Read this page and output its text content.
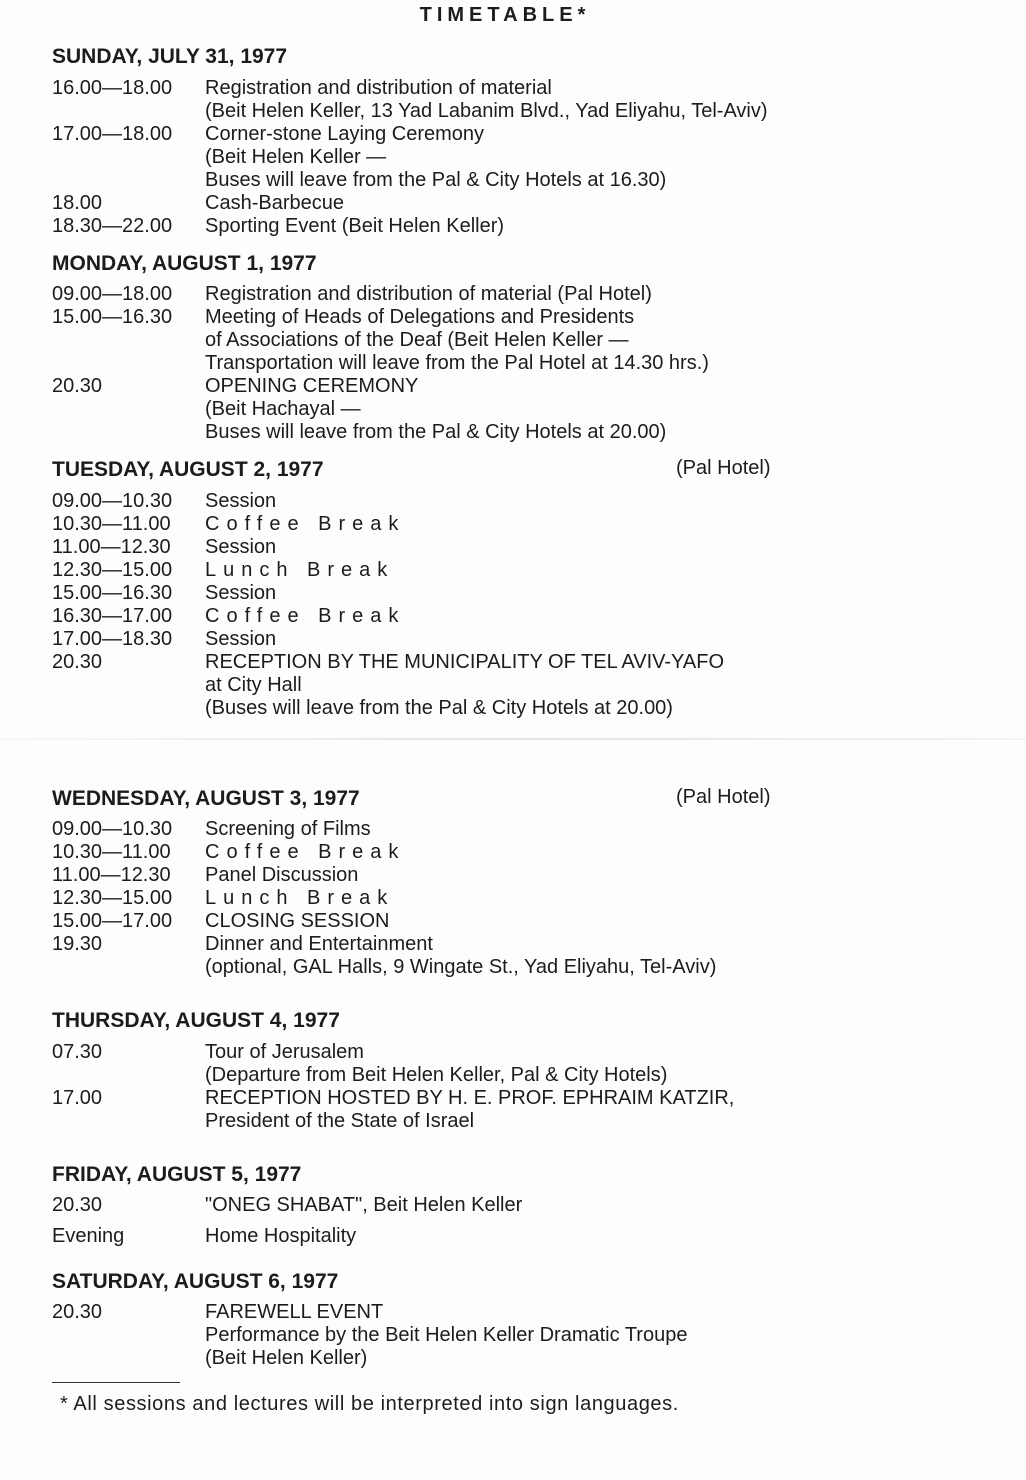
TIMETABLE*
SUNDAY, JULY 31, 1977
16.00—18.00	Registration and distribution of material
(Beit Helen Keller, 13 Yad Labanim Blvd., Yad Eliyahu, Tel-Aviv)
17.00—18.00	Corner-stone Laying Ceremony
(Beit Helen Keller —
Buses will leave from the Pal & City Hotels at 16.30)
18.00	Cash-Barbecue
18.30—22.00	Sporting Event (Beit Helen Keller)
MONDAY, AUGUST 1, 1977
09.00—18.00	Registration and distribution of material (Pal Hotel)
15.00—16.30	Meeting of Heads of Delegations and Presidents
of Associations of the Deaf (Beit Helen Keller —
Transportation will leave from the Pal Hotel at 14.30 hrs.)
20.30	OPENING CEREMONY
(Beit Hachayal —
Buses will leave from the Pal & City Hotels at 20.00)
TUESDAY, AUGUST 2, 1977	(Pal Hotel)
09.00—10.30	Session
10.30—11.00	Coffee Break
11.00—12.30	Session
12.30—15.00	Lunch Break
15.00—16.30	Session
16.30—17.00	Coffee Break
17.00—18.30	Session
20.30	RECEPTION BY THE MUNICIPALITY OF TEL AVIV-YAFO
at City Hall
(Buses will leave from the Pal & City Hotels at 20.00)
WEDNESDAY, AUGUST 3, 1977	(Pal Hotel)
09.00—10.30	Screening of Films
10.30—11.00	Coffee Break
11.00—12.30	Panel Discussion
12.30—15.00	Lunch Break
15.00—17.00	CLOSING SESSION
19.30	Dinner and Entertainment
(optional, GAL Halls, 9 Wingate St., Yad Eliyahu, Tel-Aviv)
THURSDAY, AUGUST 4, 1977
07.30	Tour of Jerusalem
(Departure from Beit Helen Keller, Pal & City Hotels)
17.00	RECEPTION HOSTED BY H. E. PROF. EPHRAIM KATZIR,
President of the State of Israel
FRIDAY, AUGUST 5, 1977
20.30	"ONEG SHABAT", Beit Helen Keller
Evening	Home Hospitality
SATURDAY, AUGUST 6, 1977
20.30	FAREWELL EVENT
Performance by the Beit Helen Keller Dramatic Troupe
(Beit Helen Keller)
* All sessions and lectures will be interpreted into sign languages.
